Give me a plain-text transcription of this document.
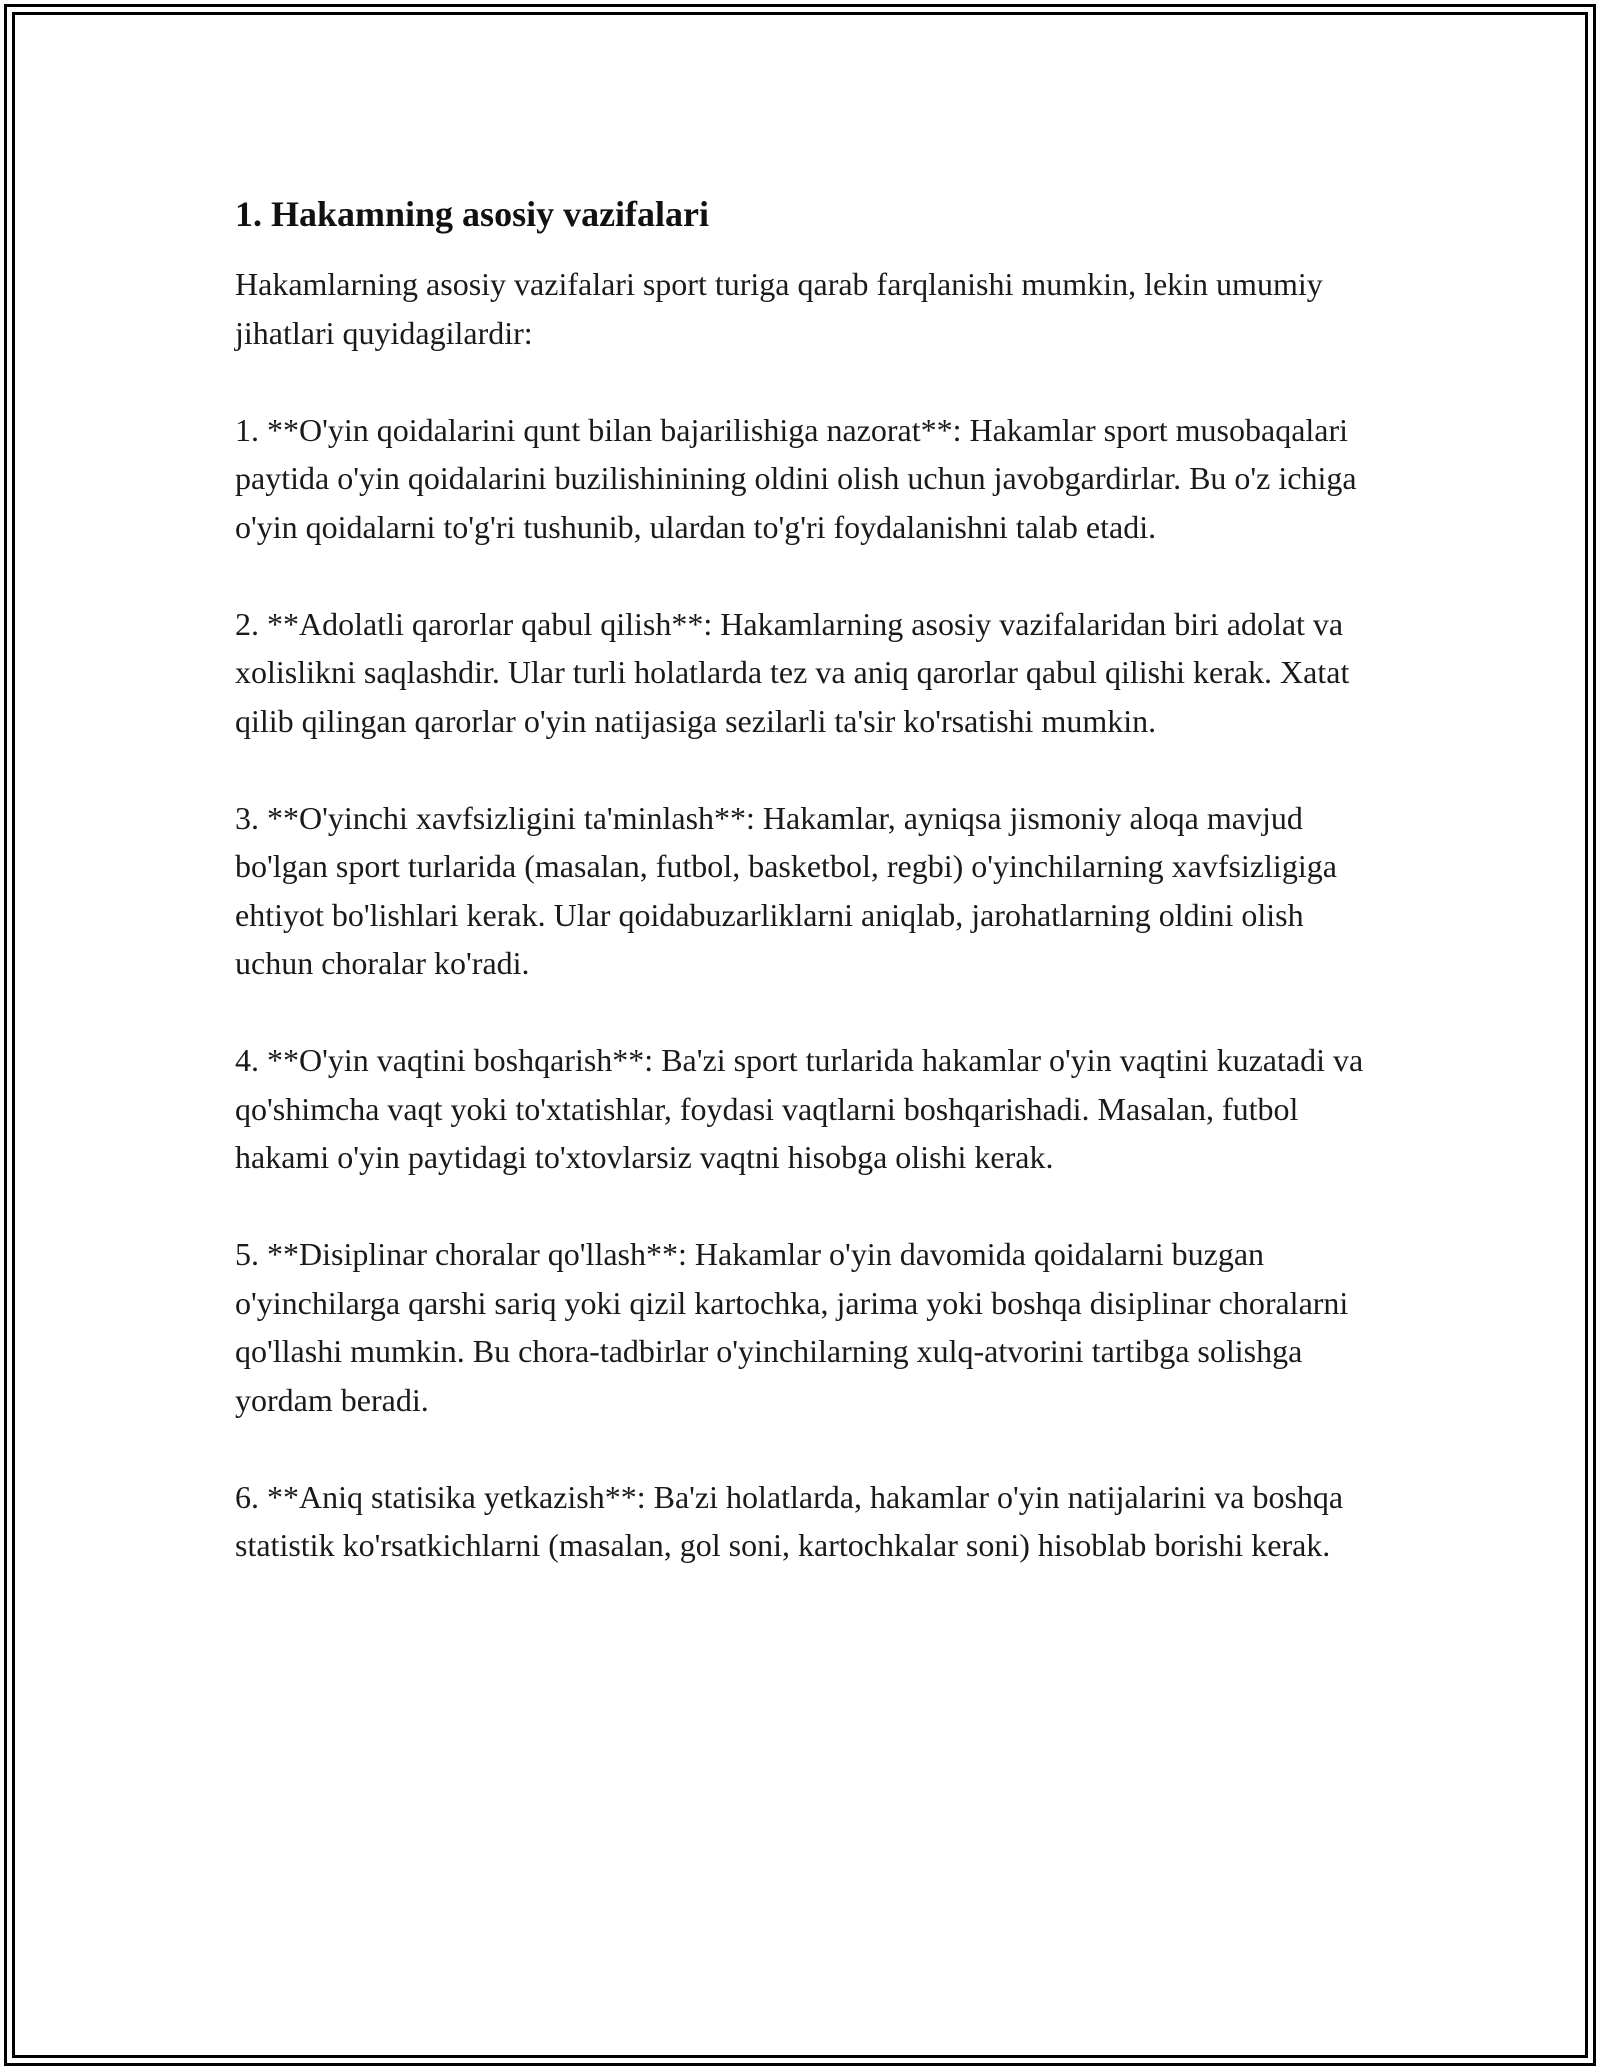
1. Hakamning asosiy vazifalari

Hakamlarning asosiy vazifalari sport turiga qarab farqlanishi mumkin, lekin umumiy jihatlari quyidagilardir:

1. **O'yin qoidalarini qunt bilan bajarilishiga nazorat**: Hakamlar sport musobaqalari paytida o'yin qoidalarini buzilishinining oldini olish uchun javobgardirlar. Bu o'z ichiga o'yin qoidalarni to'g'ri tushunib, ulardan to'g'ri foydalanishni talab etadi.

2. **Adolatli qarorlar qabul qilish**: Hakamlarning asosiy vazifalaridan biri adolat va xolislikni saqlashdir. Ular turli holatlarda tez va aniq qarorlar qabul qilishi kerak. Xatat qilib qilingan qarorlar o'yin natijasiga sezilarli ta'sir ko'rsatishi mumkin.

3. **O'yinchi xavfsizligini ta'minlash**: Hakamlar, ayniqsa jismoniy aloqa mavjud bo'lgan sport turlarida (masalan, futbol, basketbol, regbi) o'yinchilarning xavfsizligiga ehtiyot bo'lishlari kerak. Ular qoidabuzarliklarni aniqlab, jarohatlarning oldini olish uchun choralar ko'radi.

4. **O'yin vaqtini boshqarish**: Ba'zi sport turlarida hakamlar o'yin vaqtini kuzatadi va qo'shimcha vaqt yoki to'xtatishlar, foydasi vaqtlarni boshqarishadi. Masalan, futbol hakami o'yin paytidagi to'xtovlarsiz vaqtni hisobga olishi kerak.

5. **Disiplinar choralar qo'llash**: Hakamlar o'yin davomida qoidalarni buzgan o'yinchilarga qarshi sariq yoki qizil kartochka, jarima yoki boshqa disiplinar choralarni qo'llashi mumkin. Bu chora-tadbirlar o'yinchilarning xulq-atvorini tartibga solishga yordam beradi.

6. **Aniq statisika yetkazish**: Ba'zi holatlarda, hakamlar o'yin natijalarini va boshqa statistik ko'rsatkichlarni (masalan, gol soni, kartochkalar soni) hisoblab borishi kerak.
